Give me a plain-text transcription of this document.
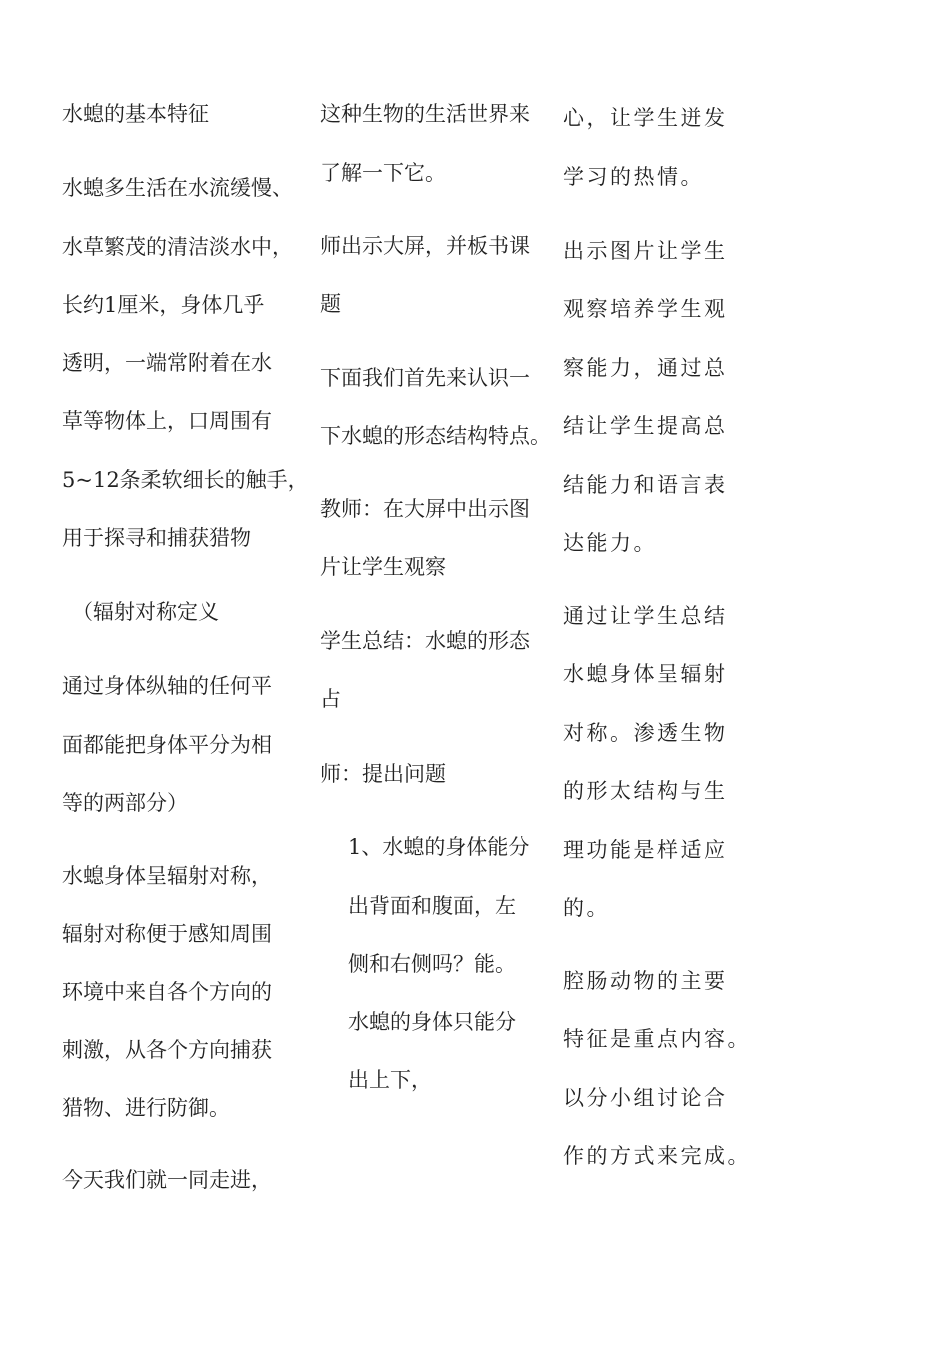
水螅的基本特征

水螅多生活在水流缓慢、

水草繁茂的清洁淡水中，

长约1厘米，身体几乎

透明，一端常附着在水

草等物体上，口周围有

5~12条柔软细长的触手，

用于探寻和捕获猎物

（辐射对称定义

通过身体纵轴的任何平

面都能把身体平分为相

等的两部分）

水螅身体呈辐射对称，

辐射对称便于感知周围

环境中来自各个方向的

刺激，从各个方向捕获

猎物、进行防御。

今天我们就一同走进，

这种生物的生活世界来

了解一下它。

师出示大屏，并板书课

题

下面我们首先来认识一

下水螅的形态结构特点。

教师：在大屏中出示图

片让学生观察

学生总结：水螅的形态

占

师：提出问题

1、水螅的身体能分

出背面和腹面，左

侧和右侧吗？能。

水螅的身体只能分

出上下，

心，让学生迸发

学习的热情。

出示图片让学生

观察培养学生观

察能力，通过总

结让学生提高总

结能力和语言表

达能力。

通过让学生总结

水螅身体呈辐射

对称。渗透生物

的形太结构与生

理功能是样适应

的。

腔肠动物的主要

特征是重点内容。

以分小组讨论合

作的方式来完成。
